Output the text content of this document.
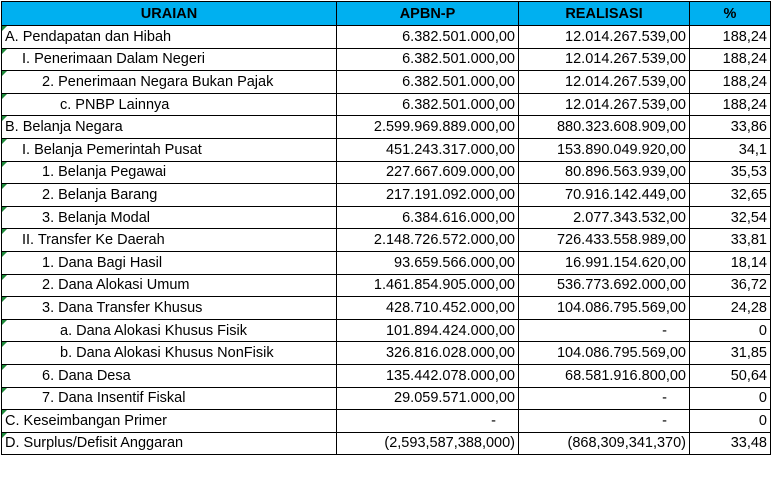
URAIAN	APBN-P	REALISASI	%
A. Pendapatan dan Hibah	6.382.501.000,00	12.014.267.539,00	188,24
I. Penerimaan Dalam Negeri	6.382.501.000,00	12.014.267.539,00	188,24
2. Penerimaan Negara Bukan Pajak	6.382.501.000,00	12.014.267.539,00	188,24
c. PNBP Lainnya	6.382.501.000,00	12.014.267.539,00	188,24
B. Belanja Negara	2.599.969.889.000,00	880.323.608.909,00	33,86
I. Belanja Pemerintah Pusat	451.243.317.000,00	153.890.049.920,00	34,1
1. Belanja Pegawai	227.667.609.000,00	80.896.563.939,00	35,53
2. Belanja Barang	217.191.092.000,00	70.916.142.449,00	32,65
3. Belanja Modal	6.384.616.000,00	2.077.343.532,00	32,54
II. Transfer Ke Daerah	2.148.726.572.000,00	726.433.558.989,00	33,81
1. Dana Bagi Hasil	93.659.566.000,00	16.991.154.620,00	18,14
2. Dana Alokasi Umum	1.461.854.905.000,00	536.773.692.000,00	36,72
3. Dana Transfer Khusus	428.710.452.000,00	104.086.795.569,00	24,28
a. Dana Alokasi Khusus Fisik	101.894.424.000,00	-	0
b. Dana Alokasi Khusus NonFisik	326.816.028.000,00	104.086.795.569,00	31,85
6. Dana Desa	135.442.078.000,00	68.581.916.800,00	50,64
7. Dana Insentif Fiskal	29.059.571.000,00	-	0
C. Keseimbangan Primer	-	-	0
D. Surplus/Defisit Anggaran	(2,593,587,388,000)	(868,309,341,370)	33,48
